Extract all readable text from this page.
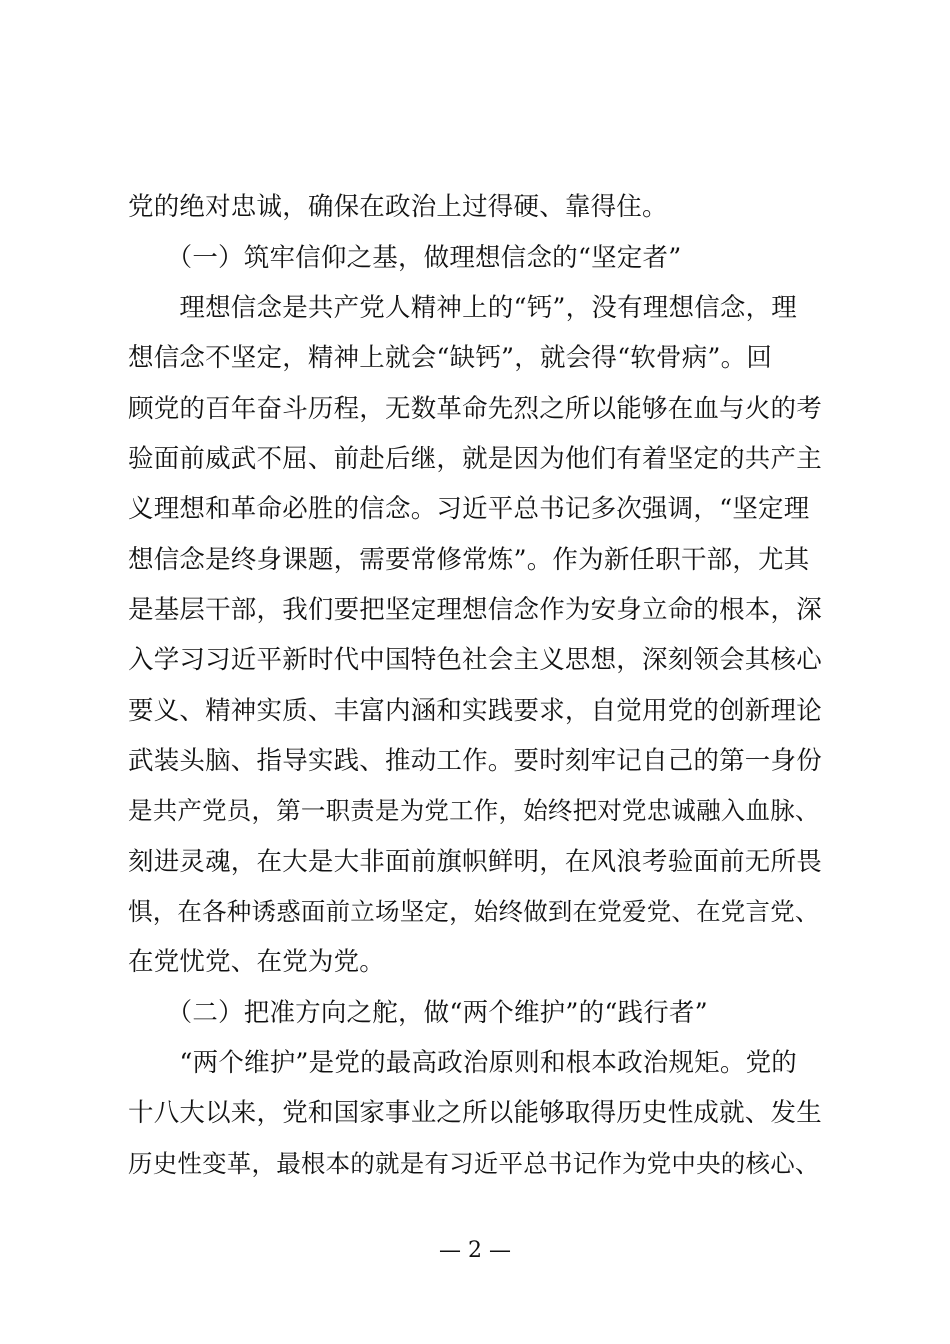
党的绝对忠诚，确保在政治上过得硬、靠得住。
　　（一）筑牢信仰之基，做理想信念的“坚定者”
　　理想信念是共产党人精神上的“钙”，没有理想信念，理
想信念不坚定，精神上就会“缺钙”，就会得“软骨病”。回
顾党的百年奋斗历程，无数革命先烈之所以能够在血与火的考
验面前威武不屈、前赴后继，就是因为他们有着坚定的共产主
义理想和革命必胜的信念。习近平总书记多次强调，“坚定理
想信念是终身课题，需要常修常炼”。作为新任职干部，尤其
是基层干部，我们要把坚定理想信念作为安身立命的根本，深
入学习习近平新时代中国特色社会主义思想，深刻领会其核心
要义、精神实质、丰富内涵和实践要求，自觉用党的创新理论
武装头脑、指导实践、推动工作。要时刻牢记自己的第一身份
是共产党员，第一职责是为党工作，始终把对党忠诚融入血脉、
刻进灵魂，在大是大非面前旗帜鲜明，在风浪考验面前无所畏
惧，在各种诱惑面前立场坚定，始终做到在党爱党、在党言党、
在党忧党、在党为党。
　　（二）把准方向之舵，做“两个维护”的“践行者”
　　“两个维护”是党的最高政治原则和根本政治规矩。党的
十八大以来，党和国家事业之所以能够取得历史性成就、发生
历史性变革，最根本的就是有习近平总书记作为党中央的核心、
— 2 —
